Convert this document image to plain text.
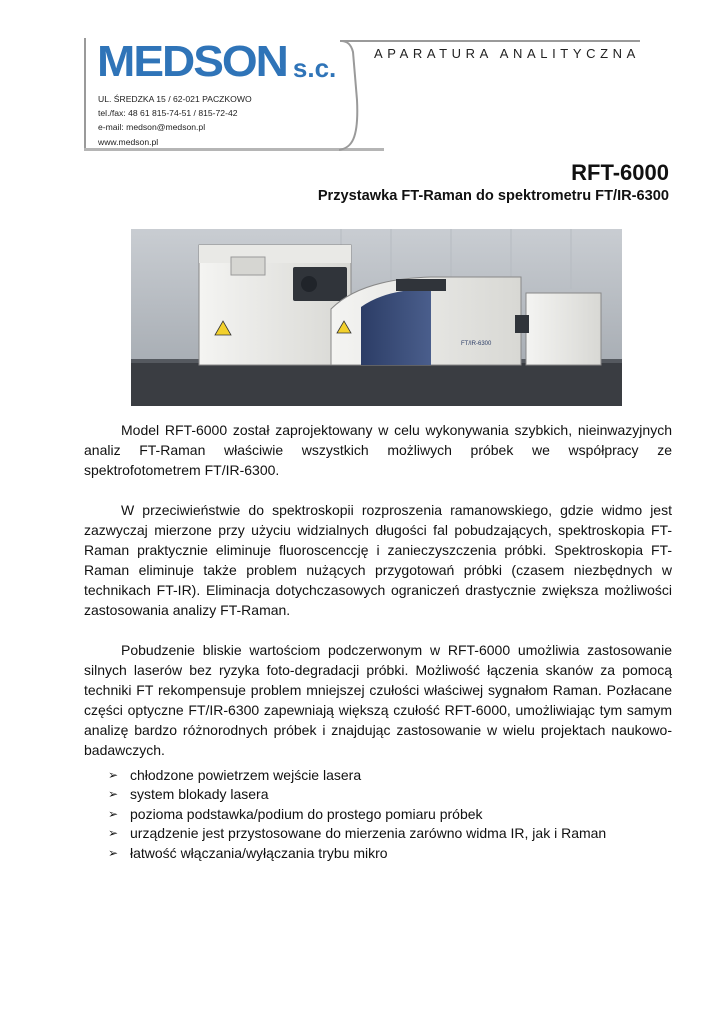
MEDSON s.c.	APARATURA ANALITYCZNA
UL. ŚREDZKA 15 / 62-021 PACZKOWO
tel./fax: 48 61 815-74-51 / 815-72-42
e-mail: medson@medson.pl
www.medson.pl
RFT-6000
Przystawka FT-Raman do spektrometru FT/IR-6300
FT/IR-6300

Model RFT-6000 został zaprojektowany w celu wykonywania szybkich, nieinwazyjnych analiz FT-Raman właściwie wszystkich możliwych próbek we współpracy ze spektrofotometrem FT/IR-6300.

W przeciwieństwie do spektroskopii rozproszenia ramanowskiego, gdzie widmo jest zazwyczaj mierzone przy użyciu widzialnych długości fal pobudzających, spektroskopia FT-Raman praktycznie eliminuje fluoroscenccję i zanieczyszczenia próbki. Spektroskopia FT-Raman eliminuje także problem nużących przygotowań próbki (czasem niezbędnych w technikach FT-IR). Eliminacja dotychczasowych ograniczeń drastycznie zwiększa możliwości zastosowania analizy FT-Raman.

Pobudzenie bliskie wartościom podczerwonym w RFT-6000 umożliwia zastosowanie silnych laserów bez ryzyka foto-degradacji próbki. Możliwość łączenia skanów za pomocą techniki FT rekompensuje problem mniejszej czułości właściwej sygnałom Raman. Pozłacane części optyczne FT/IR-6300 zapewniają większą czułość RFT-6000, umożliwiając tym samym analizę bardzo różnorodnych próbek i znajdując zastosowanie w wielu projektach naukowo-badawczych.

➢ chłodzone powietrzem wejście lasera
➢ system blokady lasera
➢ pozioma podstawka/podium do prostego pomiaru próbek
➢ urządzenie jest przystosowane do mierzenia zarówno widma IR, jak i Raman
➢ łatwość włączania/wyłączania trybu mikro
